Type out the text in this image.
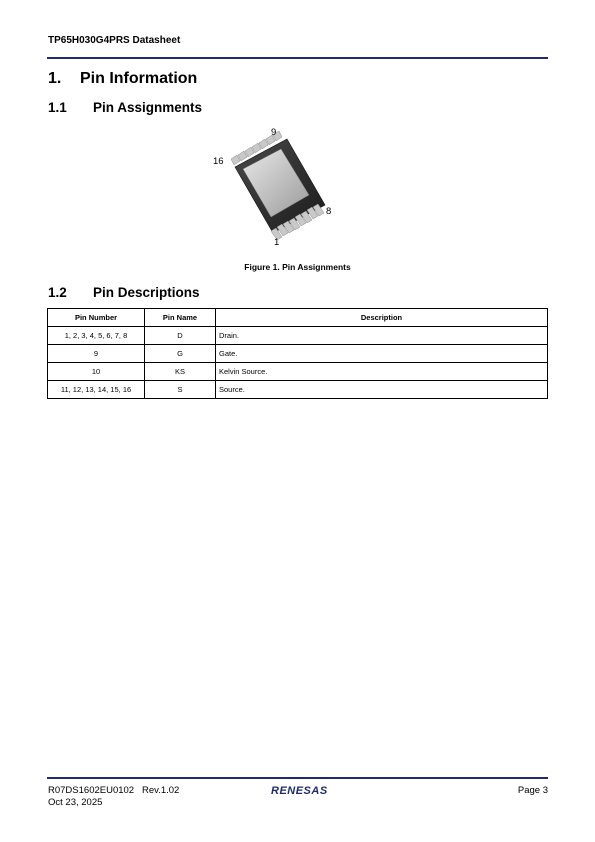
TP65H030G4PRS Datasheet
1. Pin Information
1.1 Pin Assignments
9
16
8
1
Figure 1. Pin Assignments
1.2 Pin Descriptions
Pin Number	Pin Name	Description
1, 2, 3, 4, 5, 6, 7, 8	D	Drain.
9	G	Gate.
10	KS	Kelvin Source.
11, 12, 13, 14, 15, 16	S	Source.
R07DS1602EU0102 Rev.1.02
Oct 23, 2025
RENESAS	Page 3
